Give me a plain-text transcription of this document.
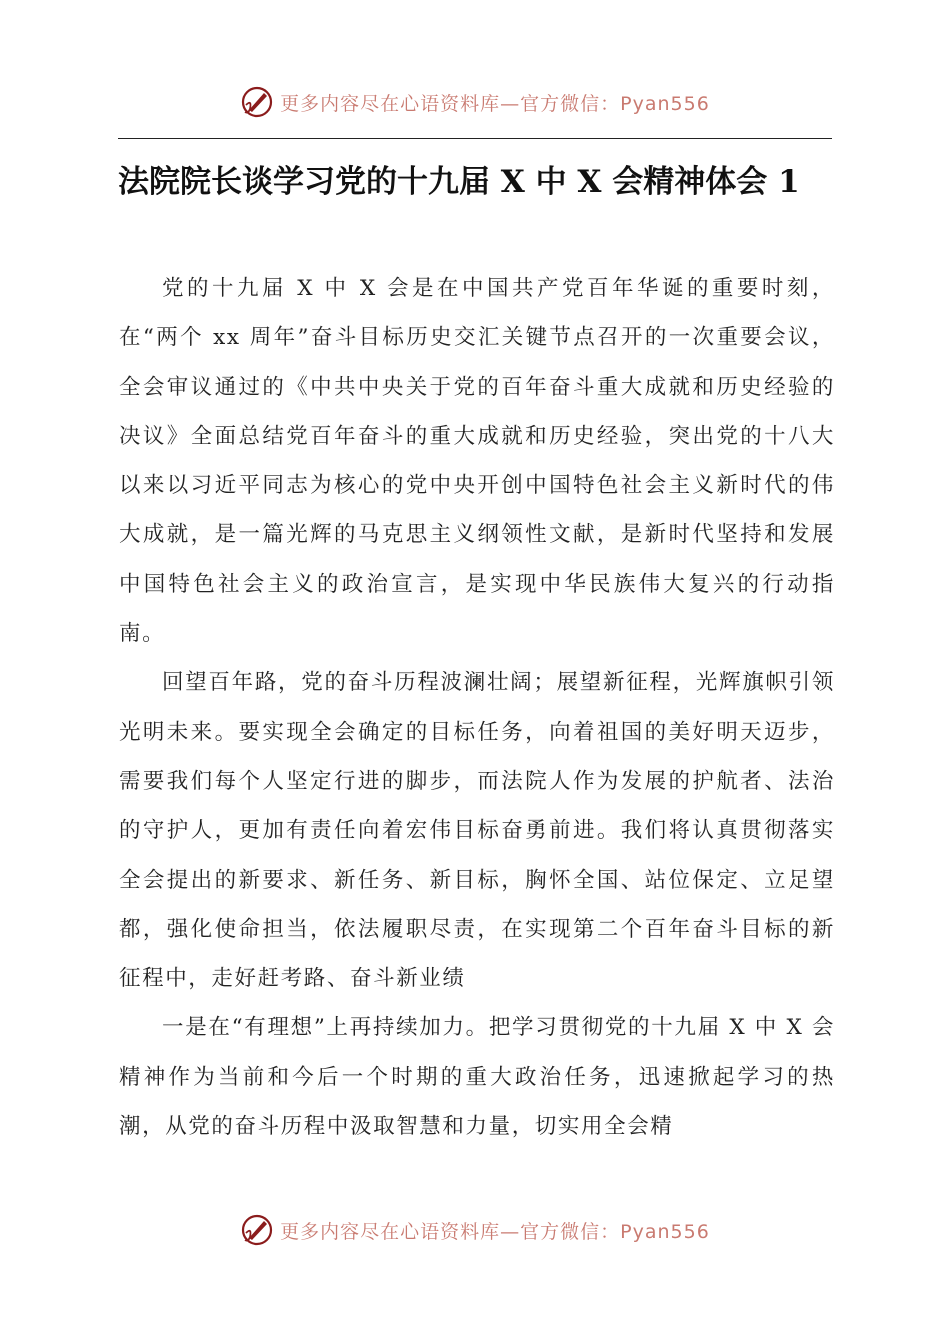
更多内容尽在心语资料库—官方微信：Pyan556
法院院长谈学习党的十九届 X 中 X 会精神体会 1

党的十九届 X 中 X 会是在中国共产党百年华诞的重要时刻，在“两个 xx 周年”奋斗目标历史交汇关键节点召开的一次重要会议，全会审议通过的《中共中央关于党的百年奋斗重大成就和历史经验的决议》全面总结党百年奋斗的重大成就和历史经验，突出党的十八大以来以习近平同志为核心的党中央开创中国特色社会主义新时代的伟大成就，是一篇光辉的马克思主义纲领性文献，是新时代坚持和发展中国特色社会主义的政治宣言，是实现中华民族伟大复兴的行动指南。

回望百年路，党的奋斗历程波澜壮阔；展望新征程，光辉旗帜引领光明未来。要实现全会确定的目标任务，向着祖国的美好明天迈步，需要我们每个人坚定行进的脚步，而法院人作为发展的护航者、法治的守护人，更加有责任向着宏伟目标奋勇前进。我们将认真贯彻落实全会提出的新要求、新任务、新目标，胸怀全国、站位保定、立足望都，强化使命担当，依法履职尽责，在实现第二个百年奋斗目标的新征程中，走好赶考路、奋斗新业绩

一是在“有理想”上再持续加力。把学习贯彻党的十九届 X 中 X 会精神作为当前和今后一个时期的重大政治任务，迅速掀起学习的热潮，从党的奋斗历程中汲取智慧和力量，切实用全会精

更多内容尽在心语资料库—官方微信：Pyan556
